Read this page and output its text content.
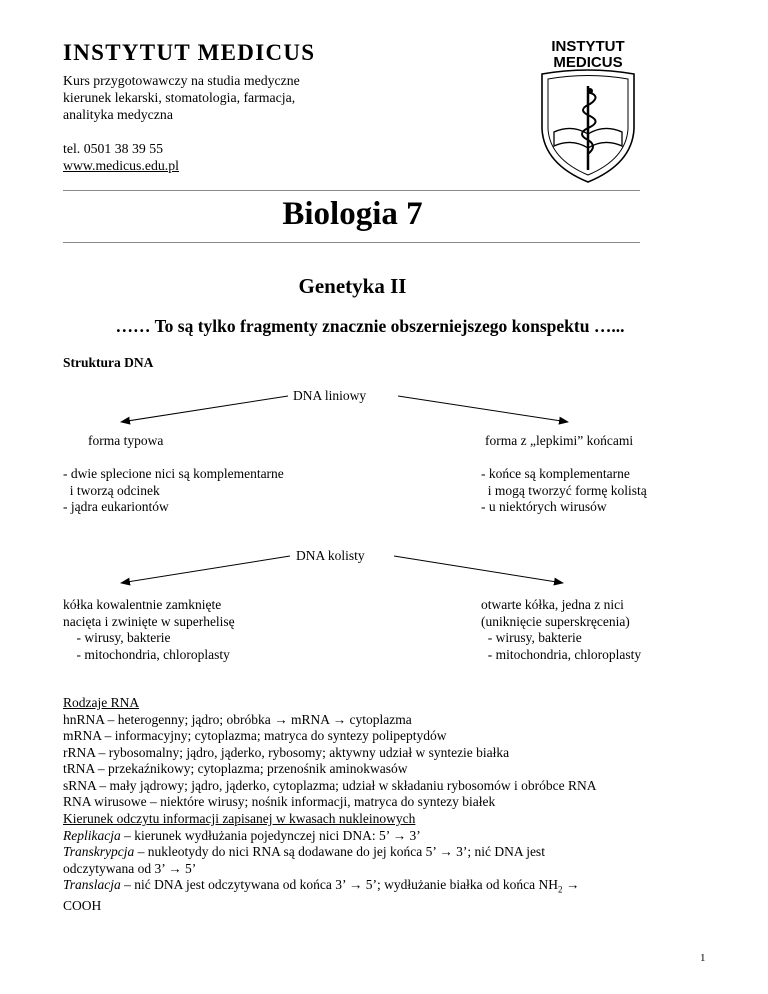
INSTYTUT MEDICUS
Kurs przygotowawczy na studia medyczne
kierunek lekarski, stomatologia, farmacja,
analityka medyczna
tel. 0501 38 39 55
www.medicus.edu.pl
INSTYTUT
MEDICUS
Biologia 7
Genetyka II
…… To są tylko fragmenty znacznie obszerniejszego konspektu …...
Struktura DNA
DNA liniowy
forma typowa	forma z „lepkimi” końcami
- dwie splecione nici są komplementarne
i tworzą odcinek
- jądra eukariontów
- końce są komplementarne
i mogą tworzyć formę kolistą
- u niektórych wirusów
DNA kolisty
kółka kowalentnie zamknięte
nacięta i zwinięte w superhelisę
- wirusy, bakterie
- mitochondria, chloroplasty
otwarte kółka, jedna z nici
(uniknięcie superskręcenia)
- wirusy, bakterie
- mitochondria, chloroplasty
Rodzaje RNA
hnRNA – heterogenny; jądro; obróbka → mRNA → cytoplazma
mRNA – informacyjny; cytoplazma; matryca do syntezy polipeptydów
rRNA – rybosomalny; jądro, jąderko, rybosomy; aktywny udział w syntezie białka
tRNA – przekaźnikowy; cytoplazma; przenośnik aminokwasów
sRNA – mały jądrowy; jądro, jąderko, cytoplazma; udział w składaniu rybosomów i obróbce RNA
RNA wirusowe – niektóre wirusy; nośnik informacji, matryca do syntezy białek
Kierunek odczytu informacji zapisanej w kwasach nukleinowych
Replikacja – kierunek wydłużania pojedynczej nici DNA: 5’ → 3’
Transkrypcja – nukleotydy do nici RNA są dodawane do jej końca 5’ → 3’; nić DNA jest
odczytywana od 3’ → 5’
Translacja – nić DNA jest odczytywana od końca 3’ → 5’; wydłużanie białka od końca $NH_2$ →
COOH
1
